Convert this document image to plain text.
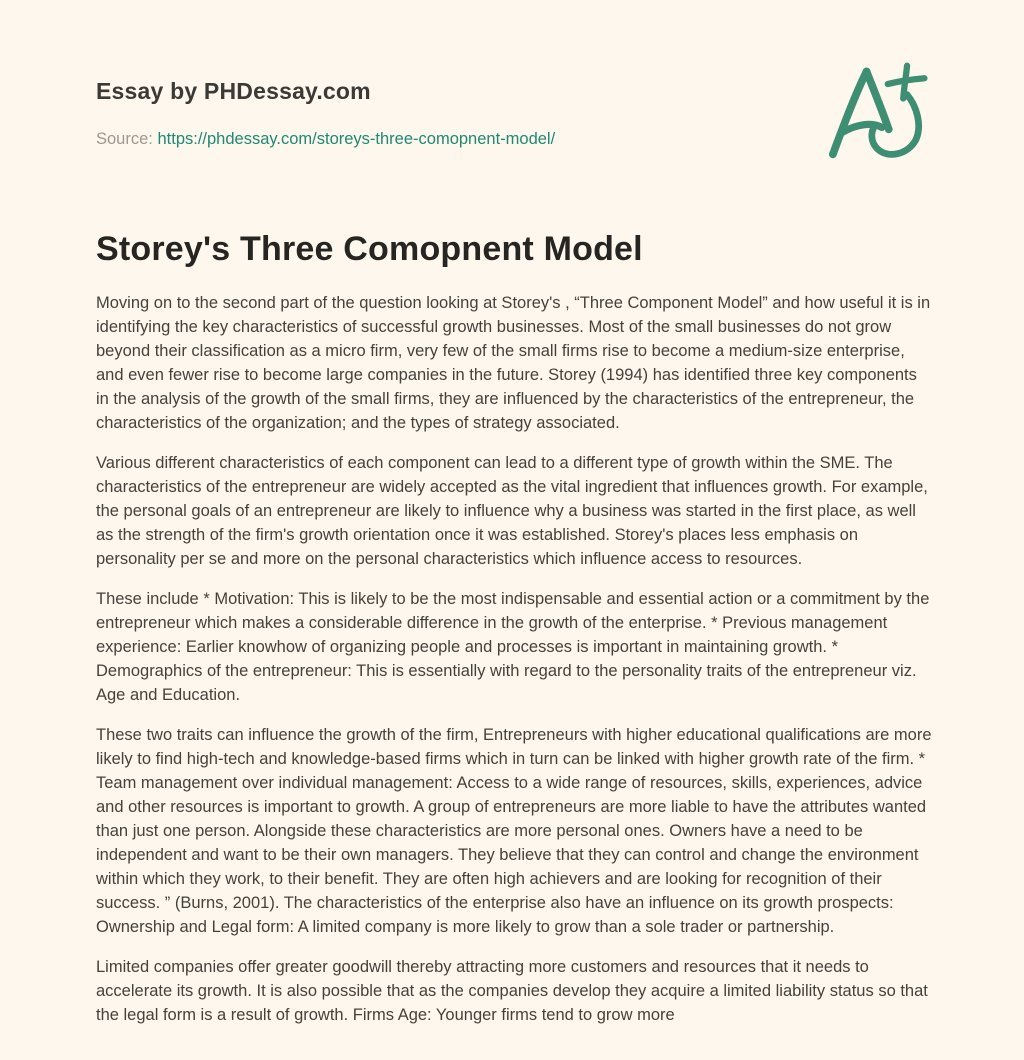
Essay by PHDessay.com

Source: https://phdessay.com/storeys-three-comopnent-model/

Storey's Three Comopnent Model

Moving on to the second part of the question looking at Storey's , “Three Component Model” and how useful it is in identifying the key characteristics of successful growth businesses. Most of the small businesses do not grow beyond their classification as a micro firm, very few of the small firms rise to become a medium-size enterprise, and even fewer rise to become large companies in the future. Storey (1994) has identified three key components in the analysis of the growth of the small firms, they are influenced by the characteristics of the entrepreneur, the characteristics of the organization; and the types of strategy associated.

Various different characteristics of each component can lead to a different type of growth within the SME. The characteristics of the entrepreneur are widely accepted as the vital ingredient that influences growth. For example, the personal goals of an entrepreneur are likely to influence why a business was started in the first place, as well as the strength of the firm's growth orientation once it was established. Storey's places less emphasis on personality per se and more on the personal characteristics which influence access to resources.

These include * Motivation: This is likely to be the most indispensable and essential action or a commitment by the entrepreneur which makes a considerable difference in the growth of the enterprise. * Previous management experience: Earlier knowhow of organizing people and processes is important in maintaining growth. * Demographics of the entrepreneur: This is essentially with regard to the personality traits of the entrepreneur viz. Age and Education.

These two traits can influence the growth of the firm, Entrepreneurs with higher educational qualifications are more likely to find high-tech and knowledge-based firms which in turn can be linked with higher growth rate of the firm. * Team management over individual management: Access to a wide range of resources, skills, experiences, advice and other resources is important to growth. A group of entrepreneurs are more liable to have the attributes wanted than just one person. Alongside these characteristics are more personal ones. Owners have a need to be independent and want to be their own managers. They believe that they can control and change the environment within which they work, to their benefit. They are often high achievers and are looking for recognition of their success. ” (Burns, 2001). The characteristics of the enterprise also have an influence on its growth prospects: Ownership and Legal form: A limited company is more likely to grow than a sole trader or partnership.

Limited companies offer greater goodwill thereby attracting more customers and resources that it needs to accelerate its growth. It is also possible that as the companies develop they acquire a limited liability status so that the legal form is a result of growth. Firms Age: Younger firms tend to grow more
